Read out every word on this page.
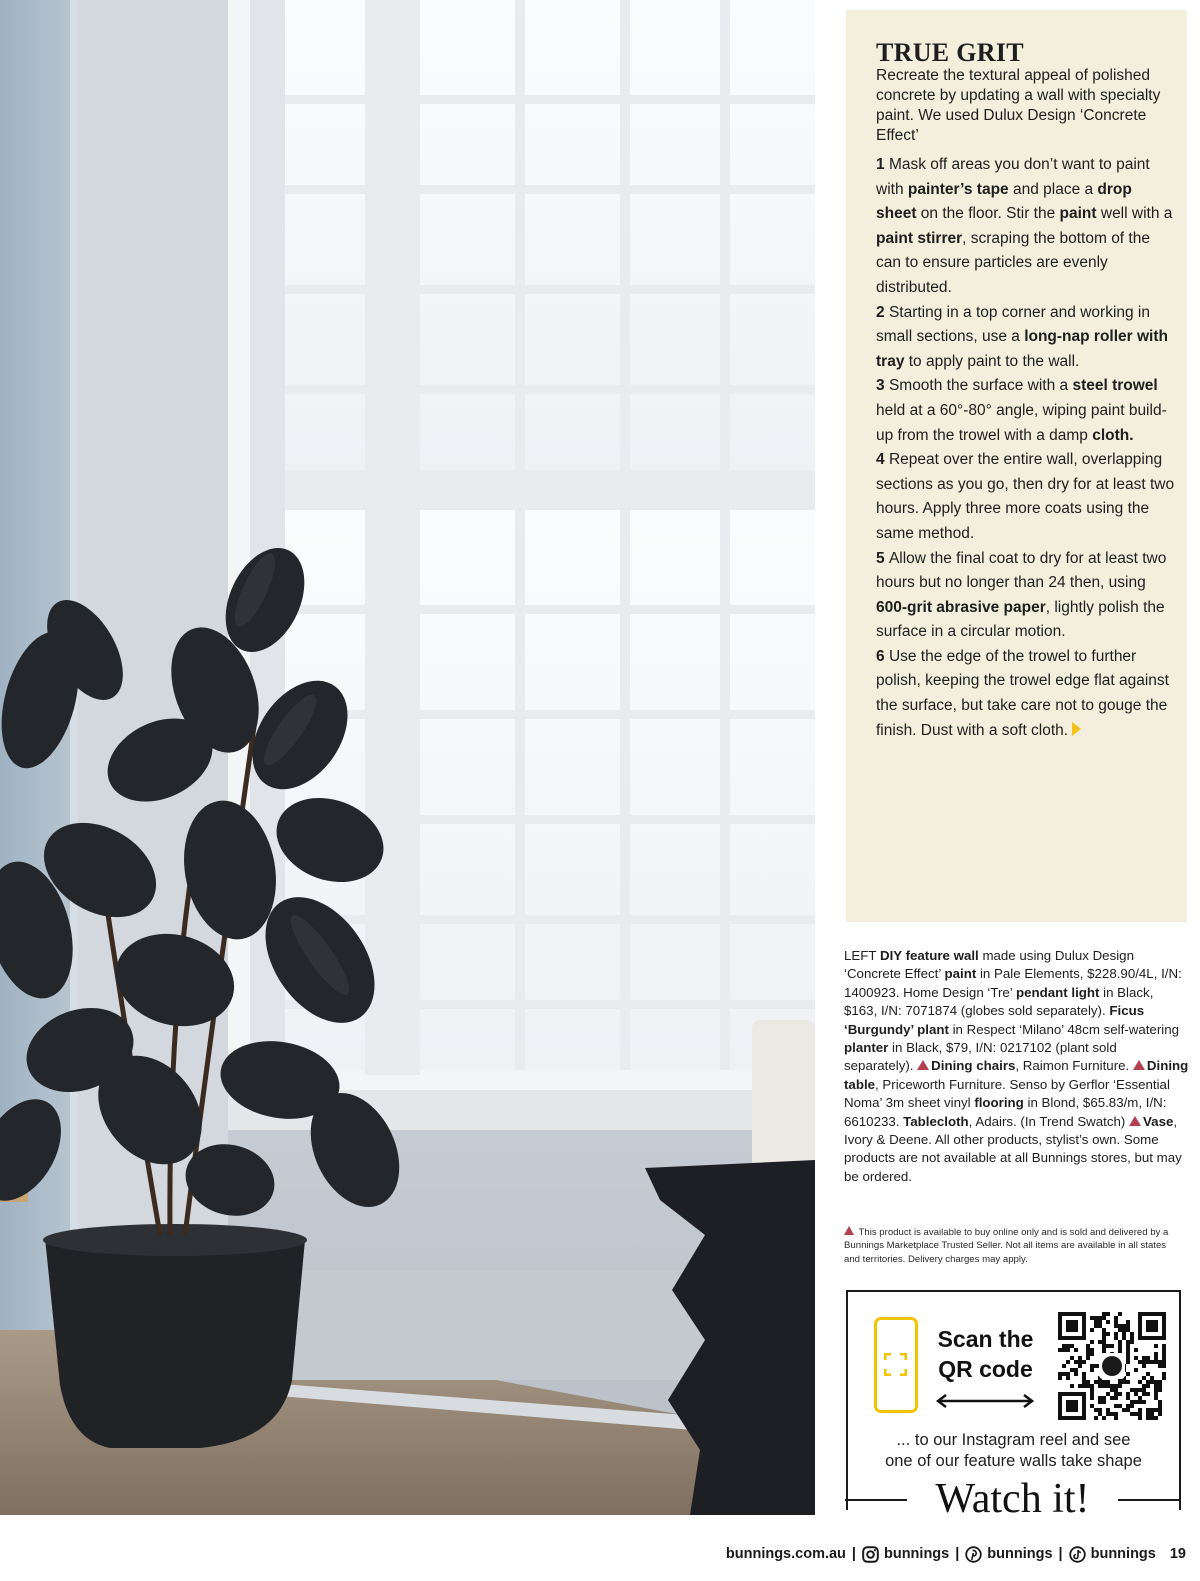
TRUE GRIT

Recreate the textural appeal of polished concrete by updating a wall with specialty paint. We used Dulux Design ‘Concrete Effect’

1 Mask off areas you don’t want to paint with painter’s tape and place a drop sheet on the floor. Stir the paint well with a paint stirrer, scraping the bottom of the can to ensure particles are evenly distributed.
2 Starting in a top corner and working in small sections, use a long-nap roller with tray to apply paint to the wall.
3 Smooth the surface with a steel trowel held at a 60°-80° angle, wiping paint build-up from the trowel with a damp cloth.
4 Repeat over the entire wall, overlapping sections as you go, then dry for at least two hours. Apply three more coats using the same method.
5 Allow the final coat to dry for at least two hours but no longer than 24 then, using 600-grit abrasive paper, lightly polish the surface in a circular motion.
6 Use the edge of the trowel to further polish, keeping the trowel edge flat against the surface, but take care not to gouge the finish. Dust with a soft cloth.

LEFT DIY feature wall made using Dulux Design ‘Concrete Effect’ paint in Pale Elements, $228.90/4L, I/N: 1400923. Home Design ‘Tre’ pendant light in Black, $163, I/N: 7071874 (globes sold separately). Ficus ‘Burgundy’ plant in Respect ‘Milano’ 48cm self-watering planter in Black, $79, I/N: 0217102 (plant sold separately). Dining chairs, Raimon Furniture. Dining table, Priceworth Furniture. Senso by Gerflor ‘Essential Noma’ 3m sheet vinyl flooring in Blond, $65.83/m, I/N: 6610233. Tablecloth, Adairs. (In Trend Swatch) Vase, Ivory & Deene. All other products, stylist’s own. Some products are not available at all Bunnings stores, but may be ordered.

This product is available to buy online only and is sold and delivered by a Bunnings Marketplace Trusted Seller. Not all items are available in all states and territories. Delivery charges may apply.

Scan the
QR code

... to our Instagram reel and see
one of our feature walls take shape

Watch it!

bunnings.com.au | bunnings | bunnings | bunnings 19
